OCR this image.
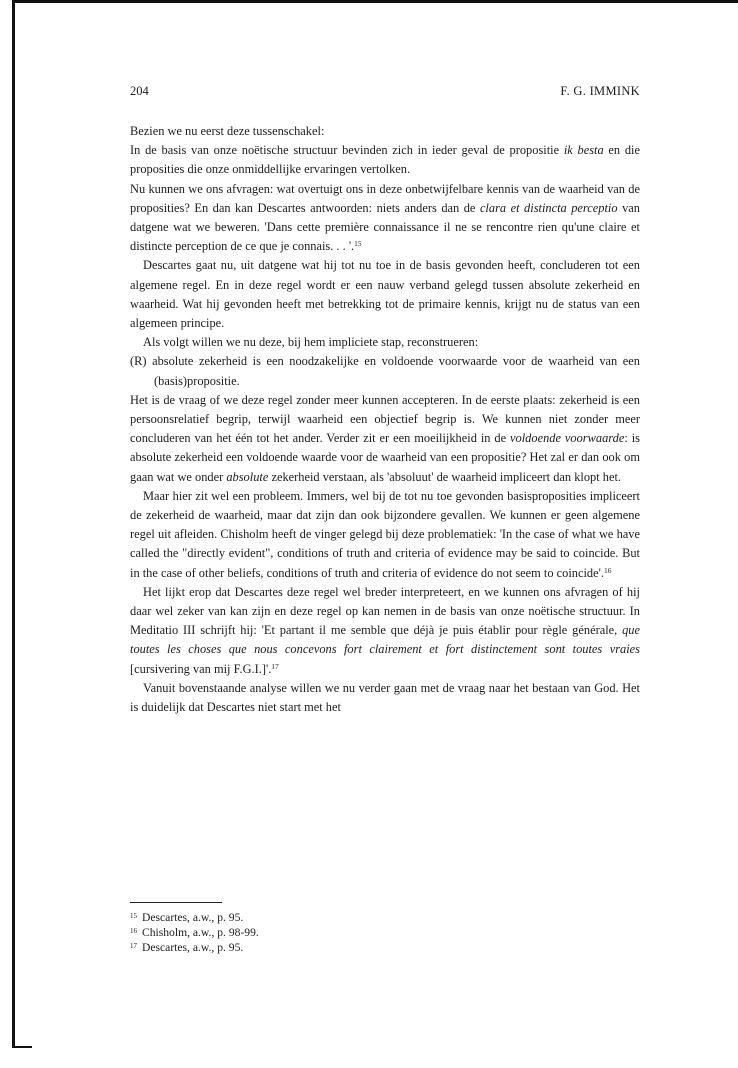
204	F. G. IMMINK

Bezien we nu eerst deze tussenschakel:

In de basis van onze noëtische structuur bevinden zich in ieder geval de propositie ik besta en die proposities die onze onmiddellijke ervaringen vertolken.

Nu kunnen we ons afvragen: wat overtuigt ons in deze onbetwijfelbare kennis van de waarheid van de proposities? En dan kan Descartes antwoorden: niets anders dan de clara et distincta perceptio van datgene wat we beweren. 'Dans cette première connaissance il ne se rencontre rien qu'une claire et distincte perception de ce que je connais. . . '.$^{15}$

Descartes gaat nu, uit datgene wat hij tot nu toe in de basis gevonden heeft, concluderen tot een algemene regel. En in deze regel wordt er een nauw verband gelegd tussen absolute zekerheid en waarheid. Wat hij gevonden heeft met betrekking tot de primaire kennis, krijgt nu de status van een algemeen principe.

Als volgt willen we nu deze, bij hem impliciete stap, reconstrueren:

(R) absolute zekerheid is een noodzakelijke en voldoende voorwaarde voor de waarheid van een (basis)propositie.

Het is de vraag of we deze regel zonder meer kunnen accepteren. In de eerste plaats: zekerheid is een persoonsrelatief begrip, terwijl waarheid een objectief begrip is. We kunnen niet zonder meer concluderen van het één tot het ander. Verder zit er een moeilijkheid in de voldoende voorwaarde: is absolute zekerheid een voldoende waarde voor de waarheid van een propositie? Het zal er dan ook om gaan wat we onder absolute zekerheid verstaan, als 'absoluut' de waarheid impliceert dan klopt het.

Maar hier zit wel een probleem. Immers, wel bij de tot nu toe gevonden basisproposities impliceert de zekerheid de waarheid, maar dat zijn dan ook bijzondere gevallen. We kunnen er geen algemene regel uit afleiden. Chisholm heeft de vinger gelegd bij deze problematiek: 'In the case of what we have called the "directly evident", conditions of truth and criteria of evidence may be said to coincide. But in the case of other beliefs, conditions of truth and criteria of evidence do not seem to coincide'.$^{16}$

Het lijkt erop dat Descartes deze regel wel breder interpreteert, en we kunnen ons afvragen of hij daar wel zeker van kan zijn en deze regel op kan nemen in de basis van onze noëtische structuur. In Meditatio III schrijft hij: 'Et partant il me semble que déjà je puis établir pour règle générale, que toutes les choses que nous concevons fort clairement et fort distinctement sont toutes vraies [cursivering van mij F.G.I.]'.$^{17}$

Vanuit bovenstaande analyse willen we nu verder gaan met de vraag naar het bestaan van God. Het is duidelijk dat Descartes niet start met het

$^{15}$ Descartes, a.w., p. 95.
$^{16}$ Chisholm, a.w., p. 98-99.
$^{17}$ Descartes, a.w., p. 95.
